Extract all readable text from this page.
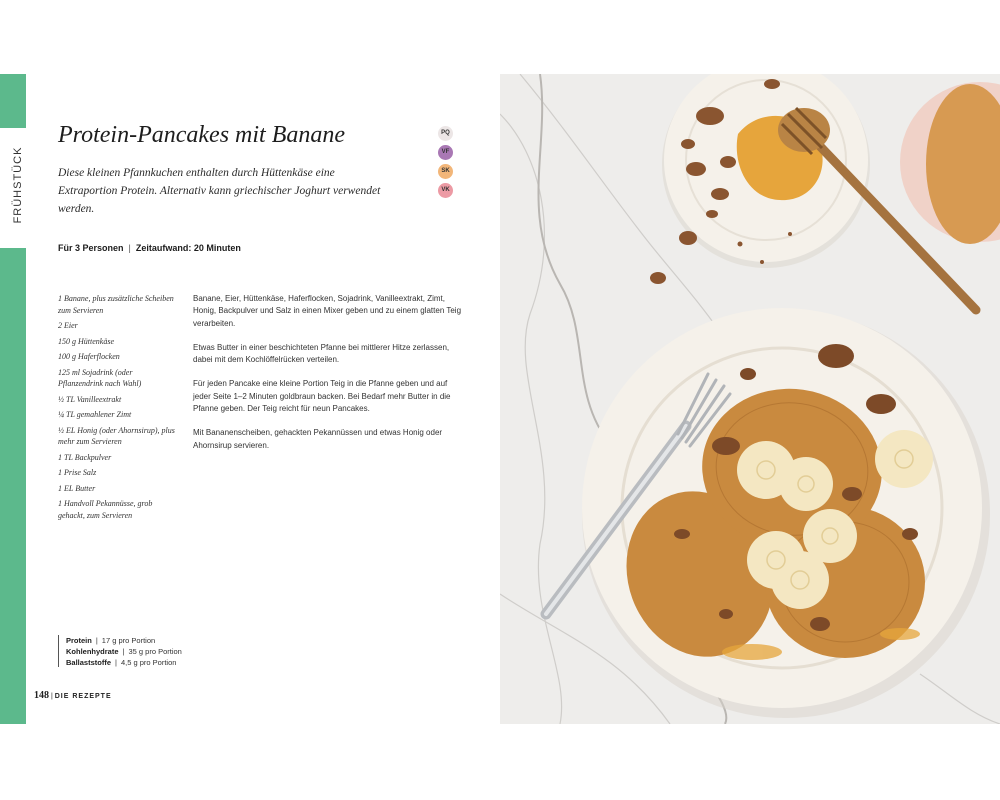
FRÜHSTÜCK
Protein-Pancakes mit Banane	PQ
VF
SK
VK

Diese kleinen Pfannkuchen enthalten durch Hüttenkäse eine Extraportion Protein. Alternativ kann griechischer Joghurt verwendet werden.

Für 3 Personen | Zeitaufwand: 20 Minuten
1 Banane, plus zusätzliche Scheiben zum Servieren
2 Eier
150 g Hüttenkäse
100 g Haferflocken
125 ml Sojadrink (oder Pflanzendrink nach Wahl)
½ TL Vanilleextrakt
¼ TL gemahlener Zimt
½ EL Honig (oder Ahornsirup), plus mehr zum Servieren
1 TL Backpulver
1 Prise Salz
1 EL Butter
1 Handvoll Pekannüsse, grob gehackt, zum Servieren

Banane, Eier, Hüttenkäse, Haferflocken, Sojadrink, Vanilleextrakt, Zimt, Honig, Backpulver und Salz in einen Mixer geben und zu einem glatten Teig verarbeiten.

Etwas Butter in einer beschichteten Pfanne bei mittlerer Hitze zerlassen, dabei mit dem Kochlöffelrücken verteilen.

Für jeden Pancake eine kleine Portion Teig in die Pfanne geben und auf jeder Seite 1–2 Minuten goldbraun backen. Bei Bedarf mehr Butter in die Pfanne geben. Der Teig reicht für neun Pancakes.

Mit Bananenscheiben, gehackten Pekannüssen und etwas Honig oder Ahornsirup servieren.

Protein | 17 g pro Portion
Kohlenhydrate | 35 g pro Portion
Ballaststoffe | 4,5 g pro Portion
148 | DIE REZEPTE
